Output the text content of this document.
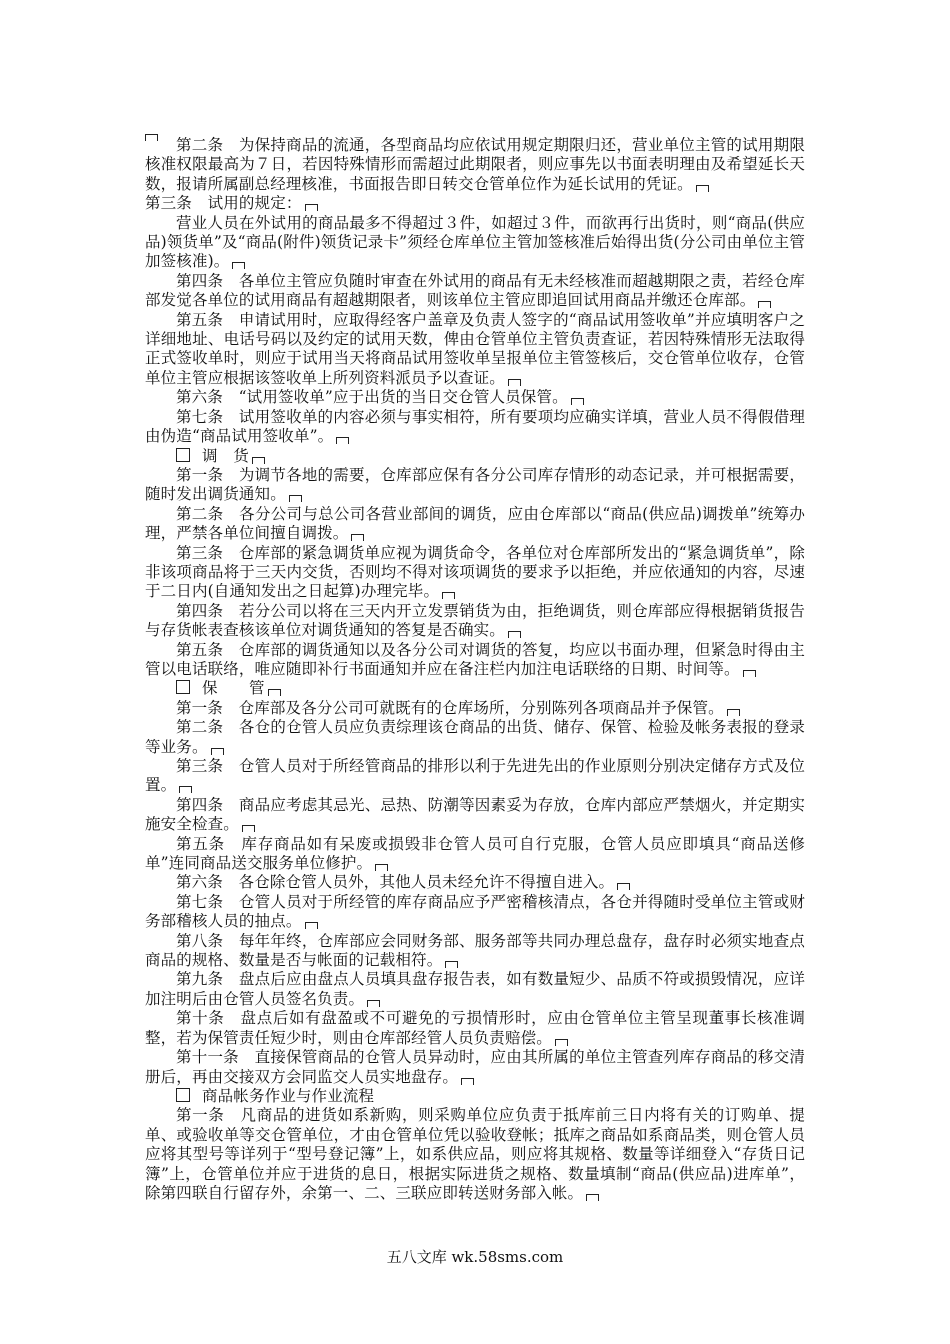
第二条　为保持商品的流通，各型商品均应依试用规定期限归还，营业单位主管的试用期限核准权限最高为７日，若因特殊情形而需超过此期限者，则应事先以书面表明理由及希望延长天数，报请所属副总经理核准，书面报告即日转交仓管单位作为延长试用的凭证。

第三条　试用的规定：

营业人员在外试用的商品最多不得超过３件，如超过３件，而欲再行出货时，则“商品(供应品)领货单”及“商品(附件)领货记录卡”须经仓库单位主管加签核准后始得出货(分公司由单位主管加签核准)。

第四条　各单位主管应负随时审查在外试用的商品有无未经核准而超越期限之责，若经仓库部发觉各单位的试用商品有超越期限者，则该单位主管应即追回试用商品并缴还仓库部。

第五条　申请试用时，应取得经客户盖章及负责人签字的“商品试用签收单”并应填明客户之详细地址、电话号码以及约定的试用天数，俾由仓管单位主管负责查证，若因特殊情形无法取得正式签收单时，则应于试用当天将商品试用签收单呈报单位主管签核后，交仓管单位收存，仓管单位主管应根据该签收单上所列资料派员予以查证。

第六条　“试用签收单”应于出货的当日交仓管人员保管。

第七条　试用签收单的内容必须与事实相符，所有要项均应确实详填，营业人员不得假借理由伪造“商品试用签收单”。

调　货

第一条　为调节各地的需要，仓库部应保有各分公司库存情形的动态记录，并可根据需要，随时发出调货通知。

第二条　各分公司与总公司各营业部间的调货，应由仓库部以“商品(供应品)调拨单”统筹办理，严禁各单位间擅自调拨。

第三条　仓库部的紧急调货单应视为调货命令，各单位对仓库部所发出的“紧急调货单”，除非该项商品将于三天内交货，否则均不得对该项调货的要求予以拒绝，并应依通知的内容，尽速于二日内(自通知发出之日起算)办理完毕。

第四条　若分公司以将在三天内开立发票销货为由，拒绝调货，则仓库部应得根据销货报告与存货帐表查核该单位对调货通知的答复是否确实。

第五条　仓库部的调货通知以及各分公司对调货的答复，均应以书面办理，但紧急时得由主管以电话联络，唯应随即补行书面通知并应在备注栏内加注电话联络的日期、时间等。

保　　管

第一条　仓库部及各分公司可就既有的仓库场所，分别陈列各项商品并予保管。

第二条　各仓的仓管人员应负责综理该仓商品的出货、储存、保管、检验及帐务表报的登录等业务。

第三条　仓管人员对于所经管商品的排形以利于先进先出的作业原则分别决定储存方式及位置。

第四条　商品应考虑其忌光、忌热、防潮等因素妥为存放，仓库内部应严禁烟火，并定期实施安全检查。

第五条　库存商品如有呆废或损毁非仓管人员可自行克服，仓管人员应即填具“商品送修单”连同商品送交服务单位修护。

第六条　各仓除仓管人员外，其他人员未经允许不得擅自进入。

第七条　仓管人员对于所经管的库存商品应予严密稽核清点，各仓并得随时受单位主管或财务部稽核人员的抽点。

第八条　每年年终，仓库部应会同财务部、服务部等共同办理总盘存，盘存时必须实地查点商品的规格、数量是否与帐面的记载相符。

第九条　盘点后应由盘点人员填具盘存报告表，如有数量短少、品质不符或损毁情况，应详加注明后由仓管人员签名负责。

第十条　盘点后如有盘盈或不可避免的亏损情形时，应由仓管单位主管呈现董事长核准调整，若为保管责任短少时，则由仓库部经管人员负责赔偿。

第十一条　直接保管商品的仓管人员异动时，应由其所属的单位主管查列库存商品的移交清册后，再由交接双方会同监交人员实地盘存。

商品帐务作业与作业流程

第一条　凡商品的进货如系新购，则采购单位应负责于抵库前三日内将有关的订购单、提单、或验收单等交仓管单位，才由仓管单位凭以验收登帐；抵库之商品如系商品类，则仓管人员应将其型号等详列于“型号登记簿”上，如系供应品，则应将其规格、数量等详细登入“存货日记簿”上，仓管单位并应于进货的息日，根据实际进货之规格、数量填制“商品(供应品)进库单”，除第四联自行留存外，余第一、二、三联应即转送财务部入帐。

五八文库 wk.58sms.com
